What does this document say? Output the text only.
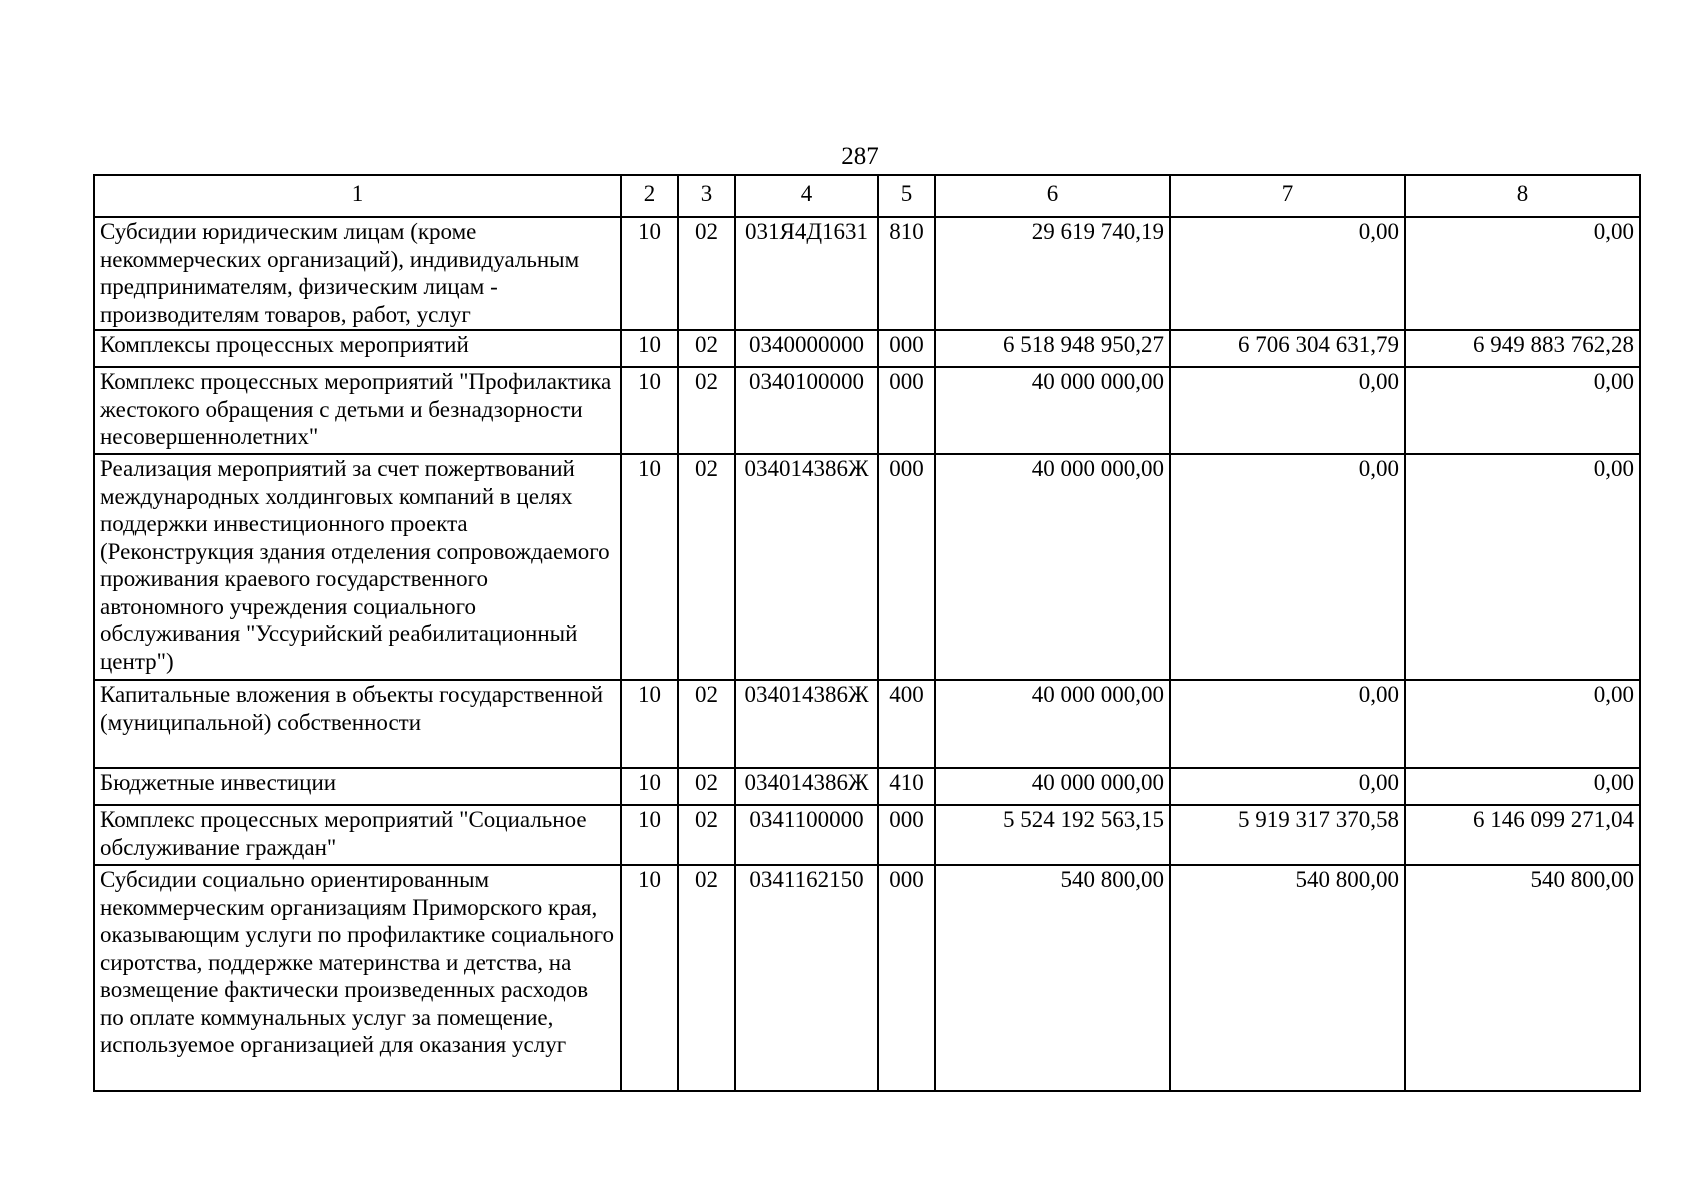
287
1	2	3	4	5	6	7	8
Субсидии юридическим лицам (кроме некоммерческих организаций), индивидуальным предпринимателям, физическим лицам - производителям товаров, работ, услуг	10	02	031Я4Д1631	810	29 619 740,19	0,00	0,00
Комплексы процессных мероприятий	10	02	0340000000	000	6 518 948 950,27	6 706 304 631,79	6 949 883 762,28
Комплекс процессных мероприятий "Профилактика жестокого обращения с детьми и безнадзорности несовершеннолетних"	10	02	0340100000	000	40 000 000,00	0,00	0,00
Реализация мероприятий за счет пожертвований международных холдинговых компаний в целях поддержки инвестиционного проекта (Реконструкция здания отделения сопровождаемого проживания краевого государственного автономного учреждения социального обслуживания "Уссурийский реабилитационный центр")	10	02	034014386Ж	000	40 000 000,00	0,00	0,00
Капитальные вложения в объекты государственной (муниципальной) собственности	10	02	034014386Ж	400	40 000 000,00	0,00	0,00
Бюджетные инвестиции	10	02	034014386Ж	410	40 000 000,00	0,00	0,00
Комплекс процессных мероприятий "Социальное обслуживание граждан"	10	02	0341100000	000	5 524 192 563,15	5 919 317 370,58	6 146 099 271,04
Субсидии социально ориентированным некоммерческим организациям Приморского края, оказывающим услуги по профилактике социального сиротства, поддержке материнства и детства, на возмещение фактически произведенных расходов по оплате коммунальных услуг за помещение, используемое организацией для оказания услуг	10	02	0341162150	000	540 800,00	540 800,00	540 800,00
